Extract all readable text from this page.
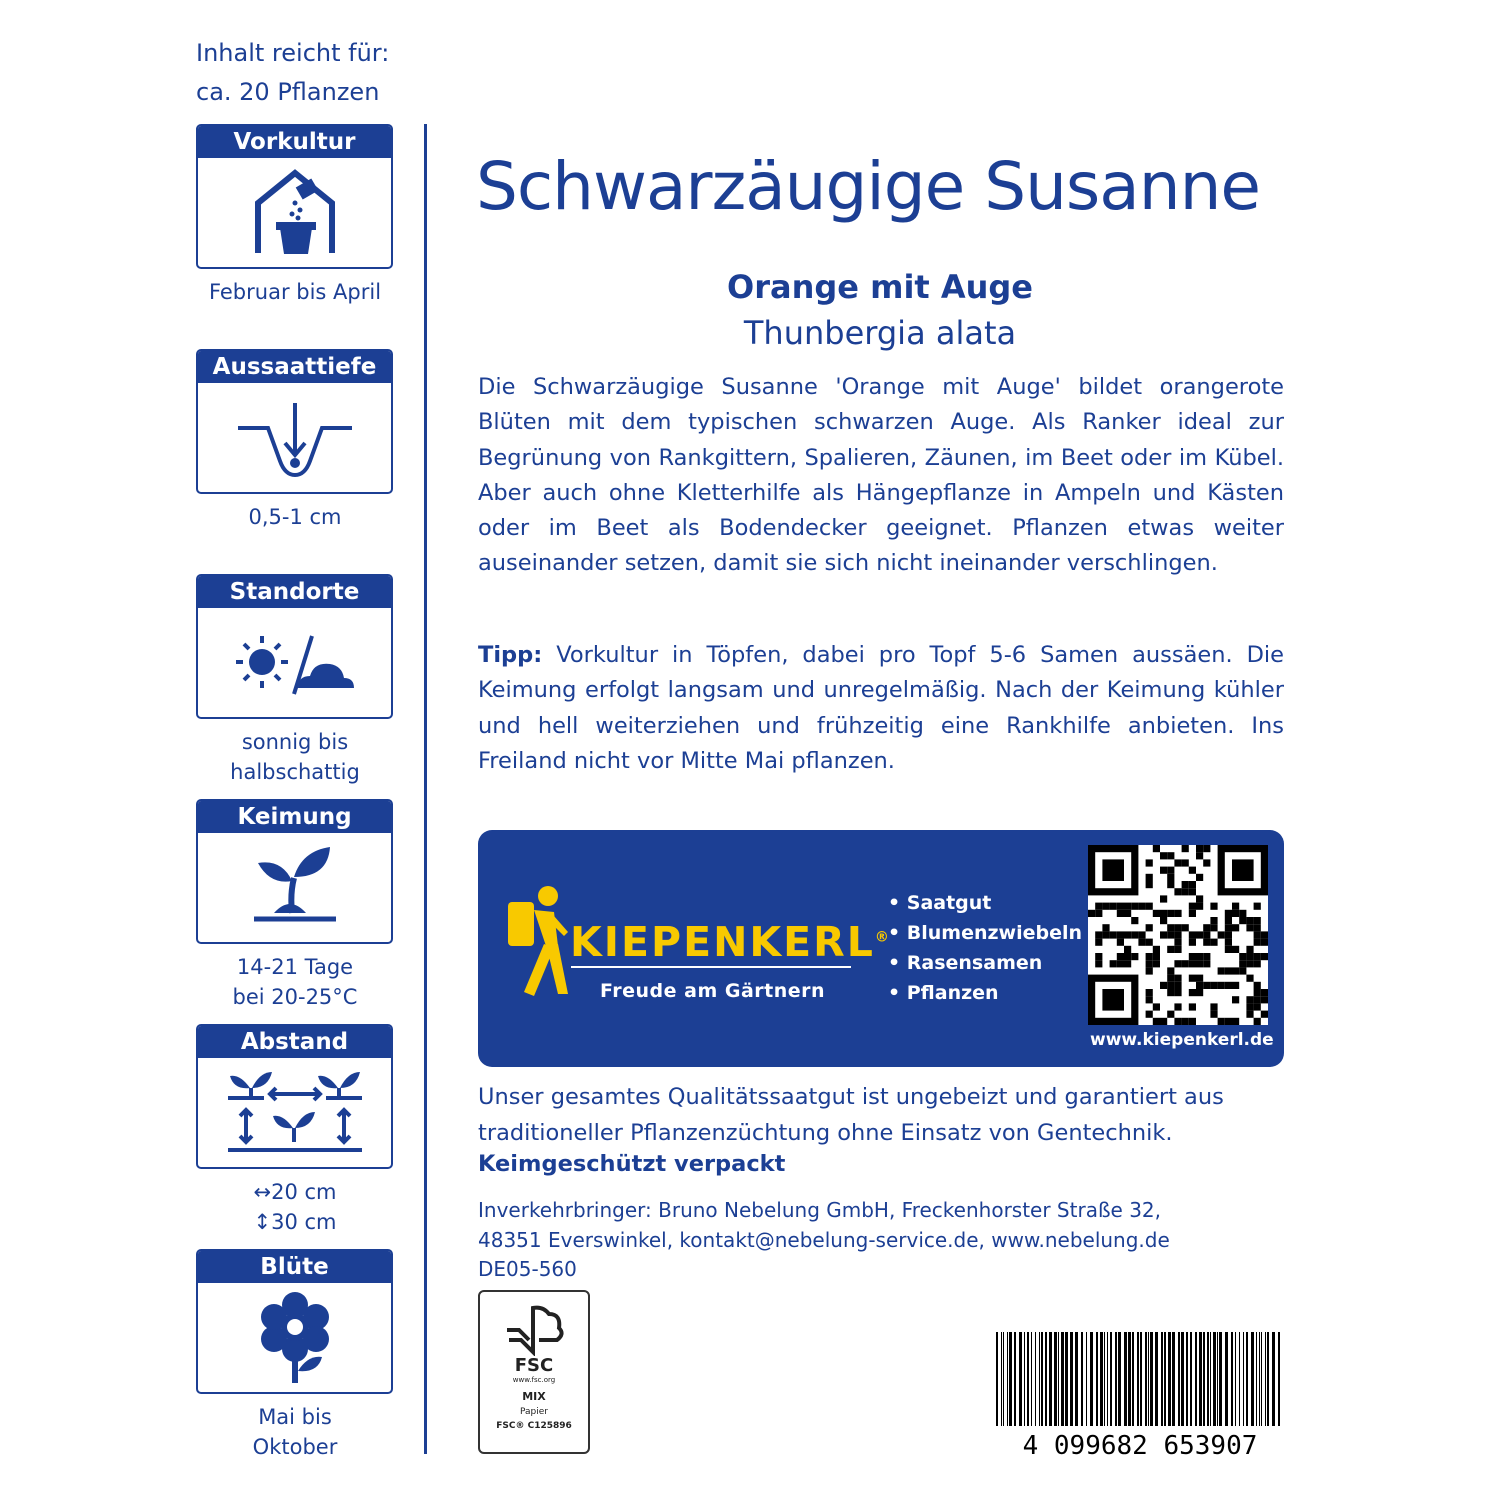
Inhalt reicht für:
ca. 20 Pflanzen
Vorkultur
Februar bis April
Aussaattiefe
0,5-1 cm
Standorte
sonnig bis
halbschattig
Keimung
14-21 Tage
bei 20-25°C
Abstand
↔20 cm
↕30 cm
Blüte
Mai bis
Oktober
Schwarzäugige Susanne
Orange mit Auge
Thunbergia alata
Die Schwarzäugige Susanne 'Orange mit Auge' bildet orangerote Blüten mit dem typischen schwarzen Auge. Als Ranker ideal zur Begrünung von Rankgittern, Spalieren, Zäunen, im Beet oder im Kübel. Aber auch ohne Kletterhilfe als Hängepflanze in Ampeln und Kästen oder im Beet als Bodendecker geeignet. Pflanzen etwas weiter auseinander setzen, damit sie sich nicht ineinander verschlingen.
Tipp: Vorkultur in Töpfen, dabei pro Topf 5-6 Samen aussäen. Die Keimung erfolgt langsam und unregelmäßig. Nach der Keimung kühler und hell weiterziehen und frühzeitig eine Rankhilfe anbieten. Ins Freiland nicht vor Mitte Mai pflanzen.
KIEPENKERL®
Freude am Gärtnern
• Saatgut
• Blumenzwiebeln
• Rasensamen
• Pflanzen
www.kiepenkerl.de
Unser gesamtes Qualitätssaatgut ist ungebeizt und garantiert aus traditioneller Pflanzenzüchtung ohne Einsatz von Gentechnik.
Keimgeschützt verpackt
Inverkehrbringer: Bruno Nebelung GmbH, Freckenhorster Straße 32,
48351 Everswinkel, kontakt@nebelung-service.de, www.nebelung.de
DE05-560
FSC
www.fsc.org
MIX
Papier
FSC® C125896
4 099682 653907
